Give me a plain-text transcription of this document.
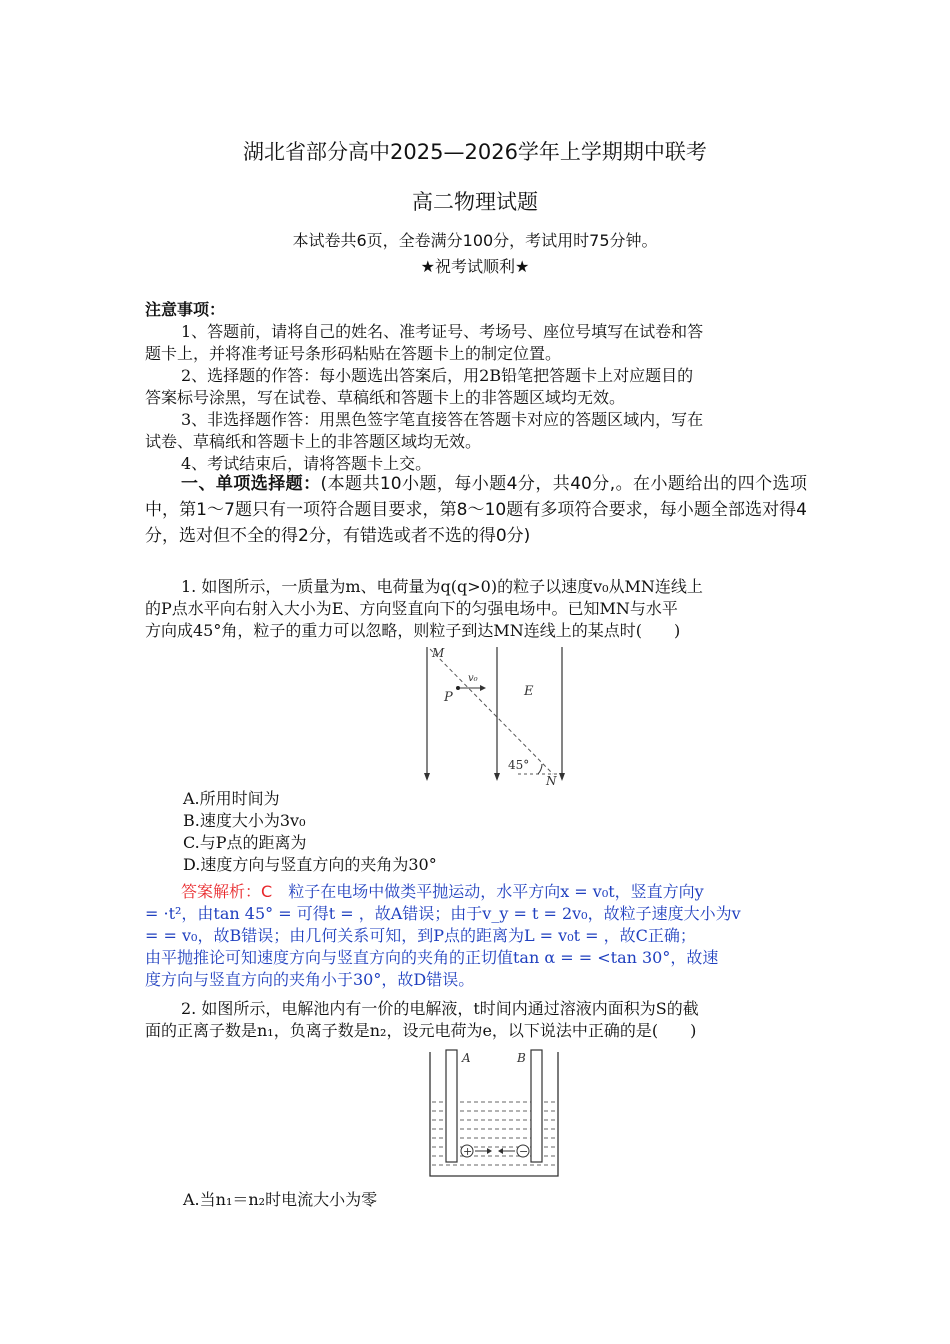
湖北省部分高中2025—2026学年上学期期中联考
高二物理试题
本试卷共6页，全卷满分100分，考试用时75分钟。
★祝考试顺利★
注意事项：
1、答题前，请将自己的姓名、准考证号、考场号、座位号填写在试卷和答
题卡上，并将准考证号条形码粘贴在答题卡上的制定位置。
2、选择题的作答：每小题选出答案后，用2B铅笔把答题卡上对应题目的
答案标号涂黑，写在试卷、草稿纸和答题卡上的非答题区域均无效。
3、非选择题作答：用黑色签字笔直接答在答题卡对应的答题区域内，写在
试卷、草稿纸和答题卡上的非答题区域均无效。
4、考试结束后，请将答题卡上交。
一、单项选择题：(本题共10小题，每小题4分，共40分,。在小题给出的四个选项中，第1～7题只有一项符合题目要求，第8～10题有多项符合要求，每小题全部选对得4分，选对但不全的得2分，有错选或者不选的得0分)
1. 如图所示，一质量为m、电荷量为q(q>0)的粒子以速度v₀从MN连线上
的P点水平向右射入大小为E、方向竖直向下的匀强电场中。已知MN与水平
方向成45°角，粒子的重力可以忽略，则粒子到达MN连线上的某点时(　　)
M
P
v₀
E
45°
N
A.所用时间为
B.速度大小为3v₀
C.与P点的距离为
D.速度方向与竖直方向的夹角为30°
答案解析：C　粒子在电场中做类平抛运动，水平方向x = v₀t，竖直方向y
= ·t²，由tan 45° = 可得t = ，故A错误；由于v_y = t = 2v₀，故粒子速度大小为v
= = v₀，故B错误；由几何关系可知，到P点的距离为L = v₀t = ，故C正确；
由平抛推论可知速度方向与竖直方向的夹角的正切值tan α = = <tan 30°，故速
度方向与竖直方向的夹角小于30°，故D错误。
2. 如图所示，电解池内有一价的电解液，t时间内通过溶液内面积为S的截
面的正离子数是n₁，负离子数是n₂，设元电荷为e，以下说法中正确的是(　　)
A	B
+	−
A.当n₁＝n₂时电流大小为零
